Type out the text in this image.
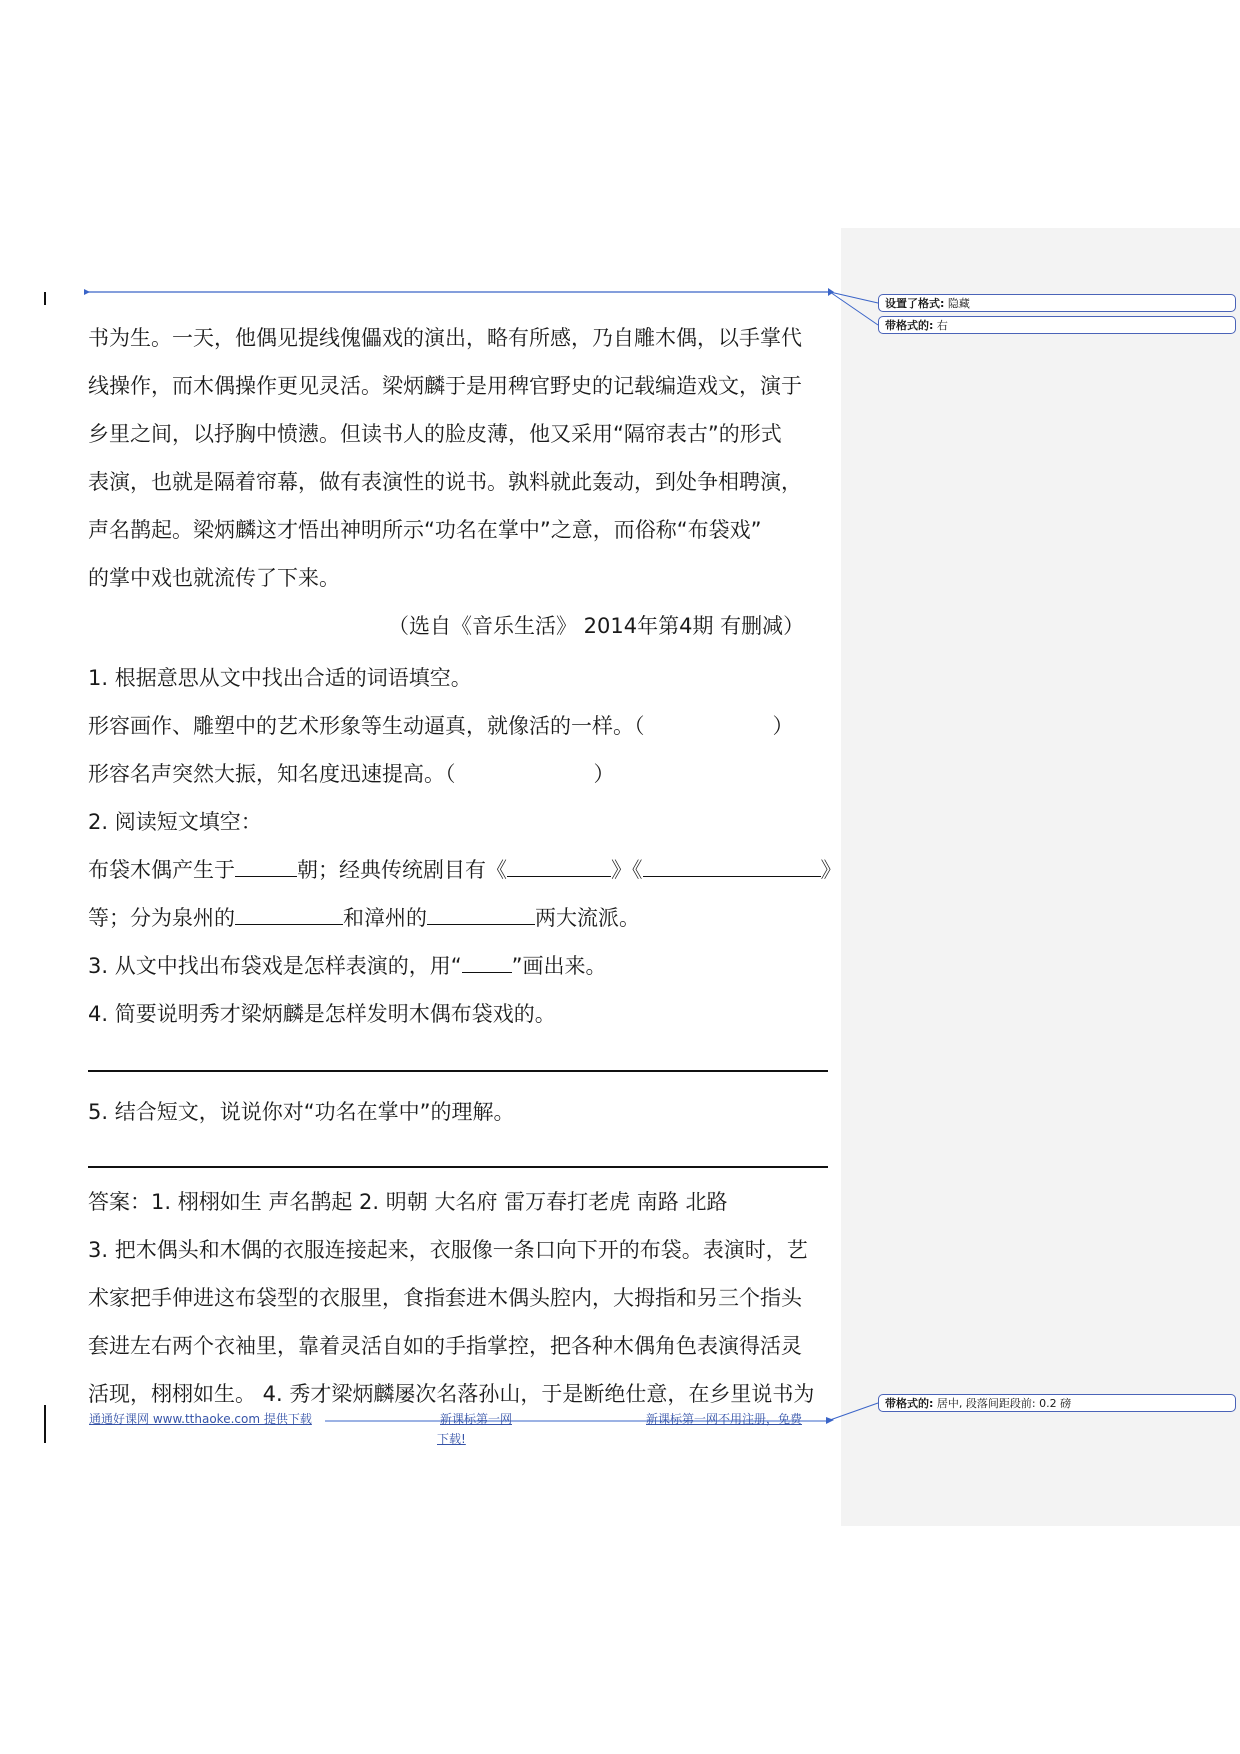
设置了格式: 隐藏
带格式的: 右
书为生。一天，他偶见提线傀儡戏的演出，略有所感，乃自雕木偶，以手掌代
线操作，而木偶操作更见灵活。梁炳麟于是用稗官野史的记载编造戏文，演于
乡里之间，以抒胸中愤懑。但读书人的脸皮薄，他又采用“隔帘表古”的形式
表演，也就是隔着帘幕，做有表演性的说书。孰料就此轰动，到处争相聘演，
声名鹊起。梁炳麟这才悟出神明所示“功名在掌中”之意，而俗称“布袋戏”
的掌中戏也就流传了下来。
（选自《音乐生活》 2014年第4期 有删减）
1. 根据意思从文中找出合适的词语填空。
形容画作、雕塑中的艺术形象等生动逼真，就像活的一样。（	）
形容名声突然大振，知名度迅速提高。（	）
2. 阅读短文填空：
布袋木偶产生于	朝；经典传统剧目有《	》《	》
等；分为泉州的	和漳州的	两大流派。
3. 从文中找出布袋戏是怎样表演的，用“ ”画出来。
4. 简要说明秀才梁炳麟是怎样发明木偶布袋戏的。
5. 结合短文，说说你对“功名在掌中”的理解。
答案：1. 栩栩如生 声名鹊起 2. 明朝 大名府 雷万春打老虎 南路 北路
3. 把木偶头和木偶的衣服连接起来，衣服像一条口向下开的布袋。表演时，艺
术家把手伸进这布袋型的衣服里，食指套进木偶头腔内，大拇指和另三个指头
套进左右两个衣袖里，靠着灵活自如的手指掌控，把各种木偶角色表演得活灵
活现，栩栩如生。 4. 秀才梁炳麟屡次名落孙山，于是断绝仕意，在乡里说书为	带格式的: 居中, 段落间距段前: 0.2 磅
通通好课网 www.tthaoke.com 提供下载	新课标第一网
下载!
新课标第一网不用注册，免费
